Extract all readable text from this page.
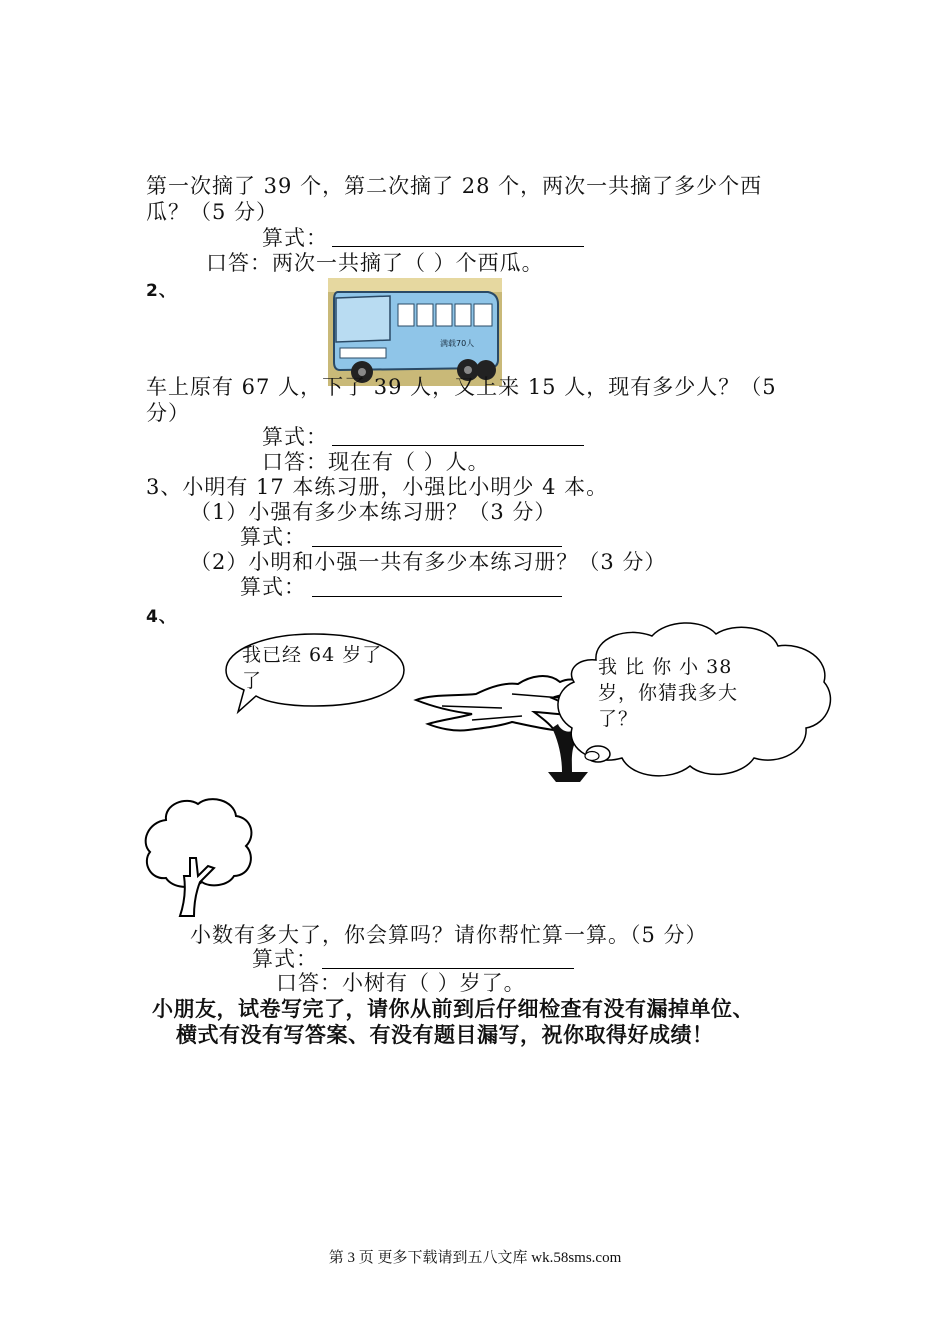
第一次摘了 39 个，第二次摘了 28 个，两次一共摘了多少个西
瓜？（5 分）
算式：
口答：两次一共摘了（ ）个西瓜。
2、
满载70人
车上原有 67 人，下了 39 人，又上来 15 人，现有多少人？（5
分）
算式：
口答：现在有（ ）人。
3、小明有 17 本练习册，小强比小明少 4 本。
（1）小强有多少本练习册？（3 分）
算式：
（2）小明和小强一共有多少本练习册？（3 分）
算式：
4、
我已经 64 岁了了
我 比 你 小 38
岁，你猜我多大
了？
小数有多大了，你会算吗？请你帮忙算一算。（5 分）
算式：
口答：小树有（ ）岁了。
小朋友，试卷写完了，请你从前到后仔细检查有没有漏掉单位、
横式有没有写答案、有没有题目漏写，祝你取得好成绩！
第 3 页 更多下载请到五八文库 wk.58sms.com
